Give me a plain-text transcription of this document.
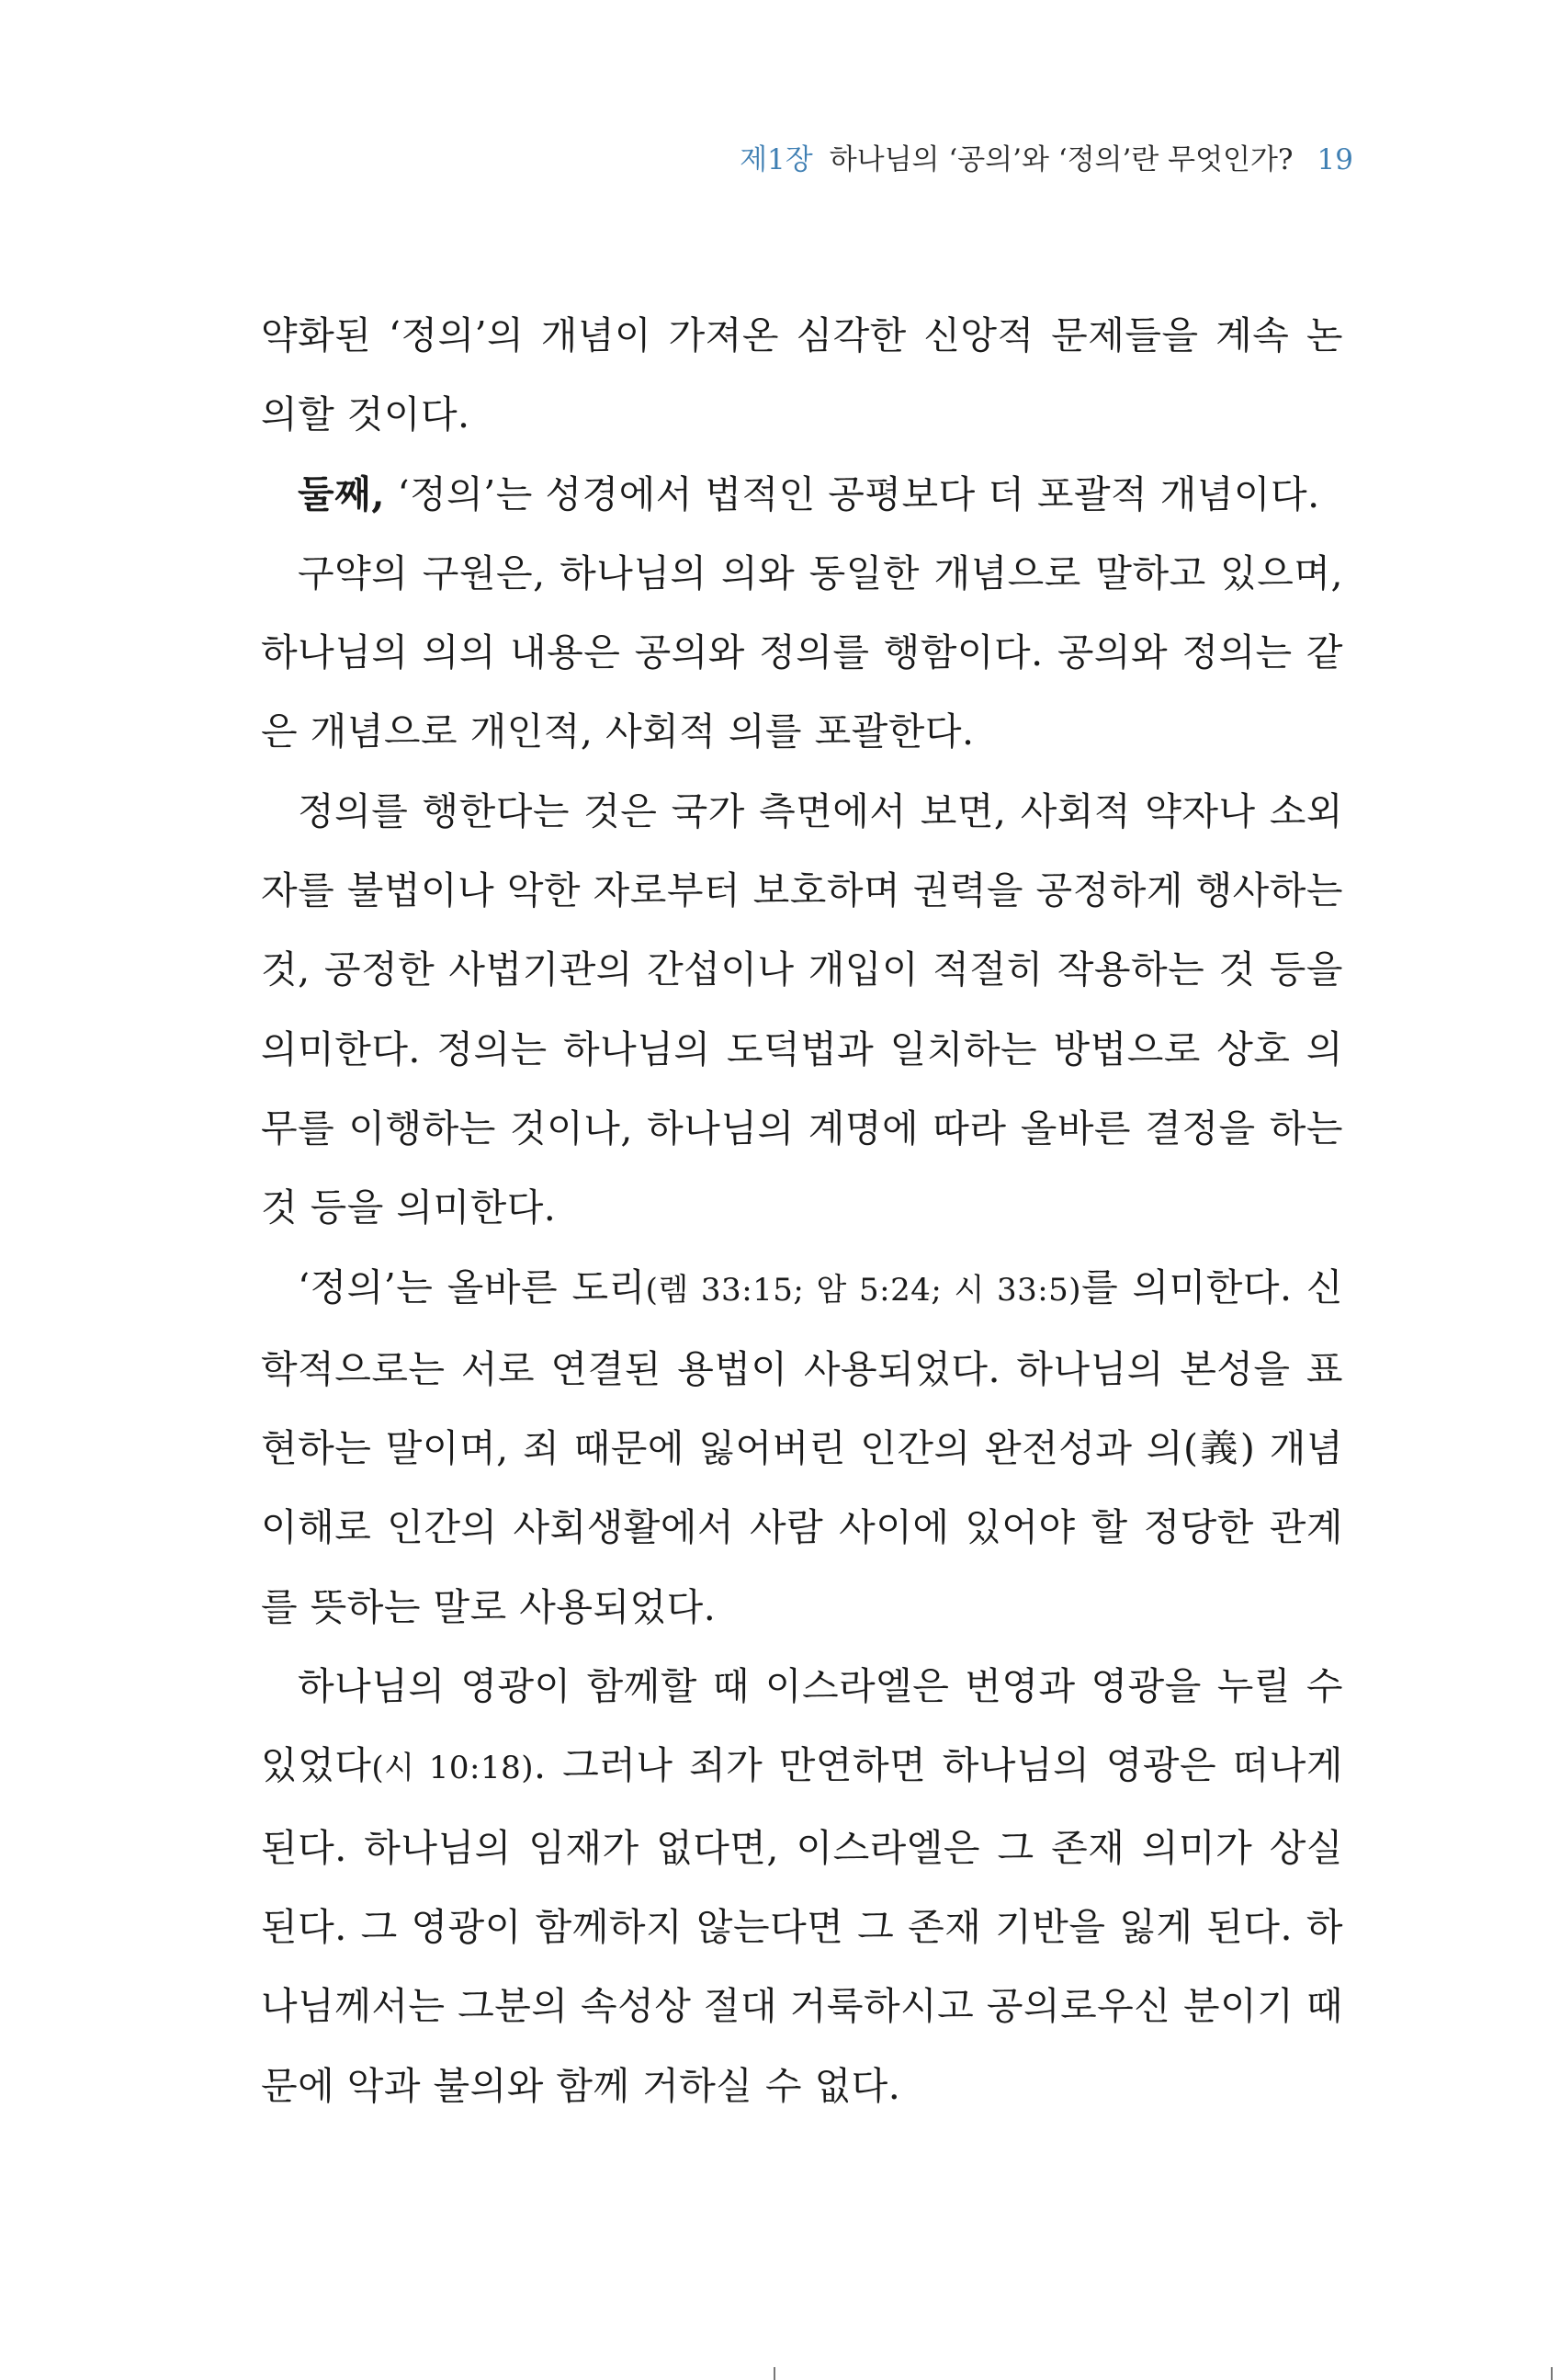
제1장 하나님의 ‘공의’와 ‘정의’란 무엇인가? 19

약화된 ‘정의’의 개념이 가져온 심각한 신앙적 문제들을 계속 논의할 것이다.

둘째, ‘정의’는 성경에서 법적인 공평보다 더 포괄적 개념이다.

구약의 구원은, 하나님의 의와 동일한 개념으로 말하고 있으며, 하나님의 의의 내용은 공의와 정의를 행함이다. 공의와 정의는 같은 개념으로 개인적, 사회적 의를 포괄한다.

정의를 행한다는 것은 국가 측면에서 보면, 사회적 약자나 소외자를 불법이나 악한 자로부터 보호하며 권력을 공정하게 행사하는 것, 공정한 사법기관의 간섭이나 개입이 적절히 작용하는 것 등을 의미한다. 정의는 하나님의 도덕법과 일치하는 방법으로 상호 의무를 이행하는 것이나, 하나님의 계명에 따라 올바른 결정을 하는 것 등을 의미한다.

‘정의’는 올바른 도리(렘 33:15; 암 5:24; 시 33:5)를 의미한다. 신학적으로는 서로 연결된 용법이 사용되었다. 하나님의 본성을 표현하는 말이며, 죄 때문에 잃어버린 인간의 완전성과 의(義) 개념 이해로 인간의 사회생활에서 사람 사이에 있어야 할 정당한 관계를 뜻하는 말로 사용되었다.

하나님의 영광이 함께할 때 이스라엘은 번영과 영광을 누릴 수 있었다(시 10:18). 그러나 죄가 만연하면 하나님의 영광은 떠나게 된다. 하나님의 임재가 없다면, 이스라엘은 그 존재 의미가 상실된다. 그 영광이 함께하지 않는다면 그 존재 기반을 잃게 된다. 하나님께서는 그분의 속성상 절대 거룩하시고 공의로우신 분이기 때문에 악과 불의와 함께 거하실 수 없다.
